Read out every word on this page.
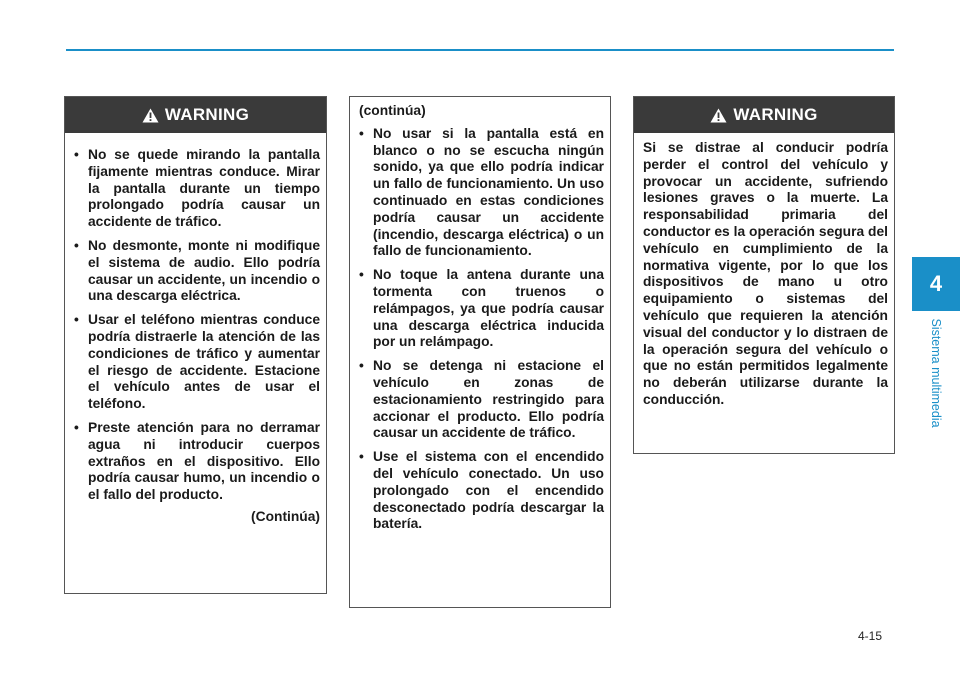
WARNING
• No se quede mirando la pantalla fijamente mientras conduce. Mirar la pantalla durante un tiempo prolongado podría causar un accidente de tráfico.
• No desmonte, monte ni modifique el sistema de audio. Ello podría causar un accidente, un incendio o una descarga eléctrica.
• Usar el teléfono mientras conduce podría distraerle la atención de las condiciones de tráfico y aumentar el riesgo de accidente. Estacione el vehículo antes de usar el teléfono.
• Preste atención para no derramar agua ni introducir cuerpos extraños en el dispositivo. Ello podría causar humo, un incendio o el fallo del producto.
(Continúa)
(continúa)
• No usar si la pantalla está en blanco o no se escucha ningún sonido, ya que ello podría indicar un fallo de funcionamiento. Un uso continuado en estas condiciones podría causar un accidente (incendio, descarga eléctrica) o un fallo de funcionamiento.
• No toque la antena durante una tormenta con truenos o relámpagos, ya que podría causar una descarga eléctrica inducida por un relámpago.
• No se detenga ni estacione el vehículo en zonas de estacionamiento restringido para accionar el producto. Ello podría causar un accidente de tráfico.
• Use el sistema con el encendido del vehículo conectado. Un uso prolongado con el encendido desconectado podría descargar la batería.
WARNING
Si se distrae al conducir podría perder el control del vehículo y provocar un accidente, sufriendo lesiones graves o la muerte. La responsabilidad primaria del conductor es la operación segura del vehículo en cumplimiento de la normativa vigente, por lo que los dispositivos de mano u otro equipamiento o sistemas del vehículo que requieren la atención visual del conductor y lo distraen de la operación segura del vehículo o que no están permitidos legalmente no deberán utilizarse durante la conducción.
4
Sistema multimedia
4-15
